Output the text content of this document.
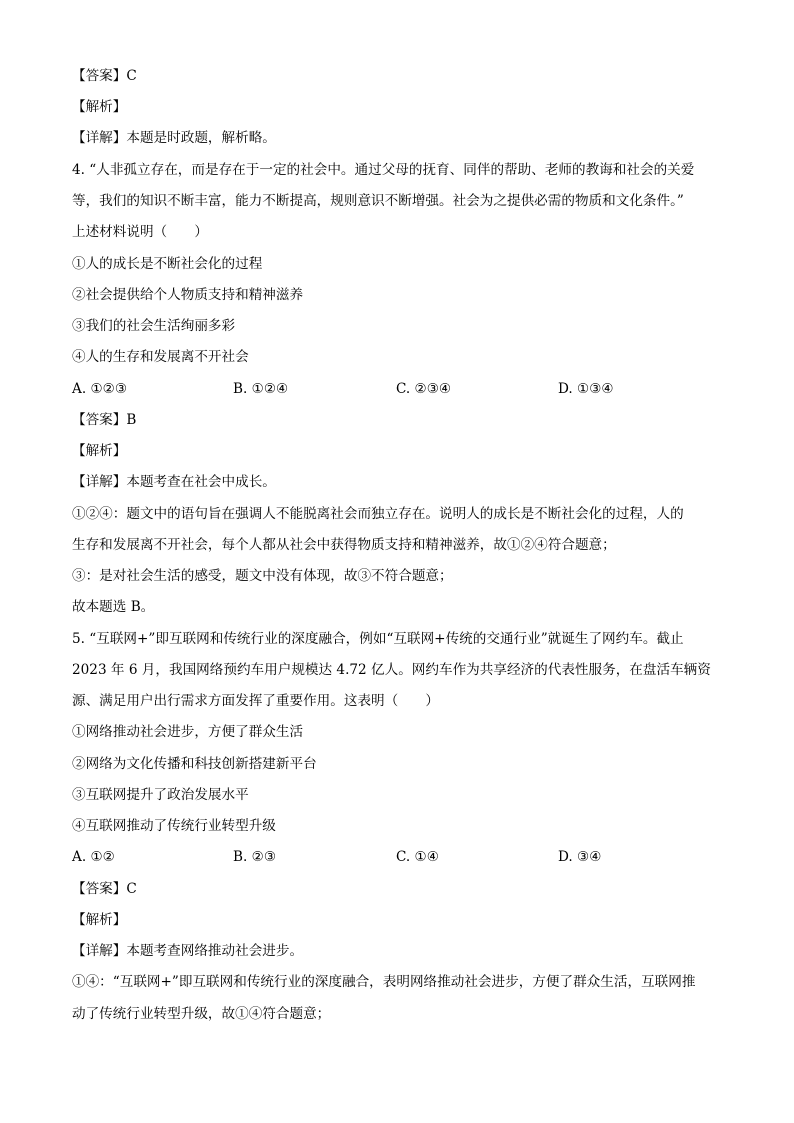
【答案】C
【解析】
【详解】本题是时政题，解析略。
4. “人非孤立存在，而是存在于一定的社会中。通过父母的抚育、同伴的帮助、老师的教诲和社会的关爱
等，我们的知识不断丰富，能力不断提高，规则意识不断增强。社会为之提供必需的物质和文化条件。”
上述材料说明（　　）
①人的成长是不断社会化的过程
②社会提供给个人物质支持和精神滋养
③我们的社会生活绚丽多彩
④人的生存和发展离不开社会
A. ①②③	B. ①②④	C. ②③④	D. ①③④
【答案】B
【解析】
【详解】本题考查在社会中成长。
①②④：题文中的语句旨在强调人不能脱离社会而独立存在。说明人的成长是不断社会化的过程，人的
生存和发展离不开社会，每个人都从社会中获得物质支持和精神滋养，故①②④符合题意；
③：是对社会生活的感受，题文中没有体现，故③不符合题意；
故本题选 B。
5. “互联网+”即互联网和传统行业的深度融合，例如“互联网+传统的交通行业”就诞生了网约车。截止
2023 年 6 月，我国网络预约车用户规模达 4.72 亿人。网约车作为共享经济的代表性服务，在盘活车辆资
源、满足用户出行需求方面发挥了重要作用。这表明（　　）
①网络推动社会进步，方便了群众生活
②网络为文化传播和科技创新搭建新平台
③互联网提升了政治发展水平
④互联网推动了传统行业转型升级
A. ①②	B. ②③	C. ①④	D. ③④
【答案】C
【解析】
【详解】本题考查网络推动社会进步。
①④：“互联网+”即互联网和传统行业的深度融合，表明网络推动社会进步，方便了群众生活，互联网推
动了传统行业转型升级，故①④符合题意；
